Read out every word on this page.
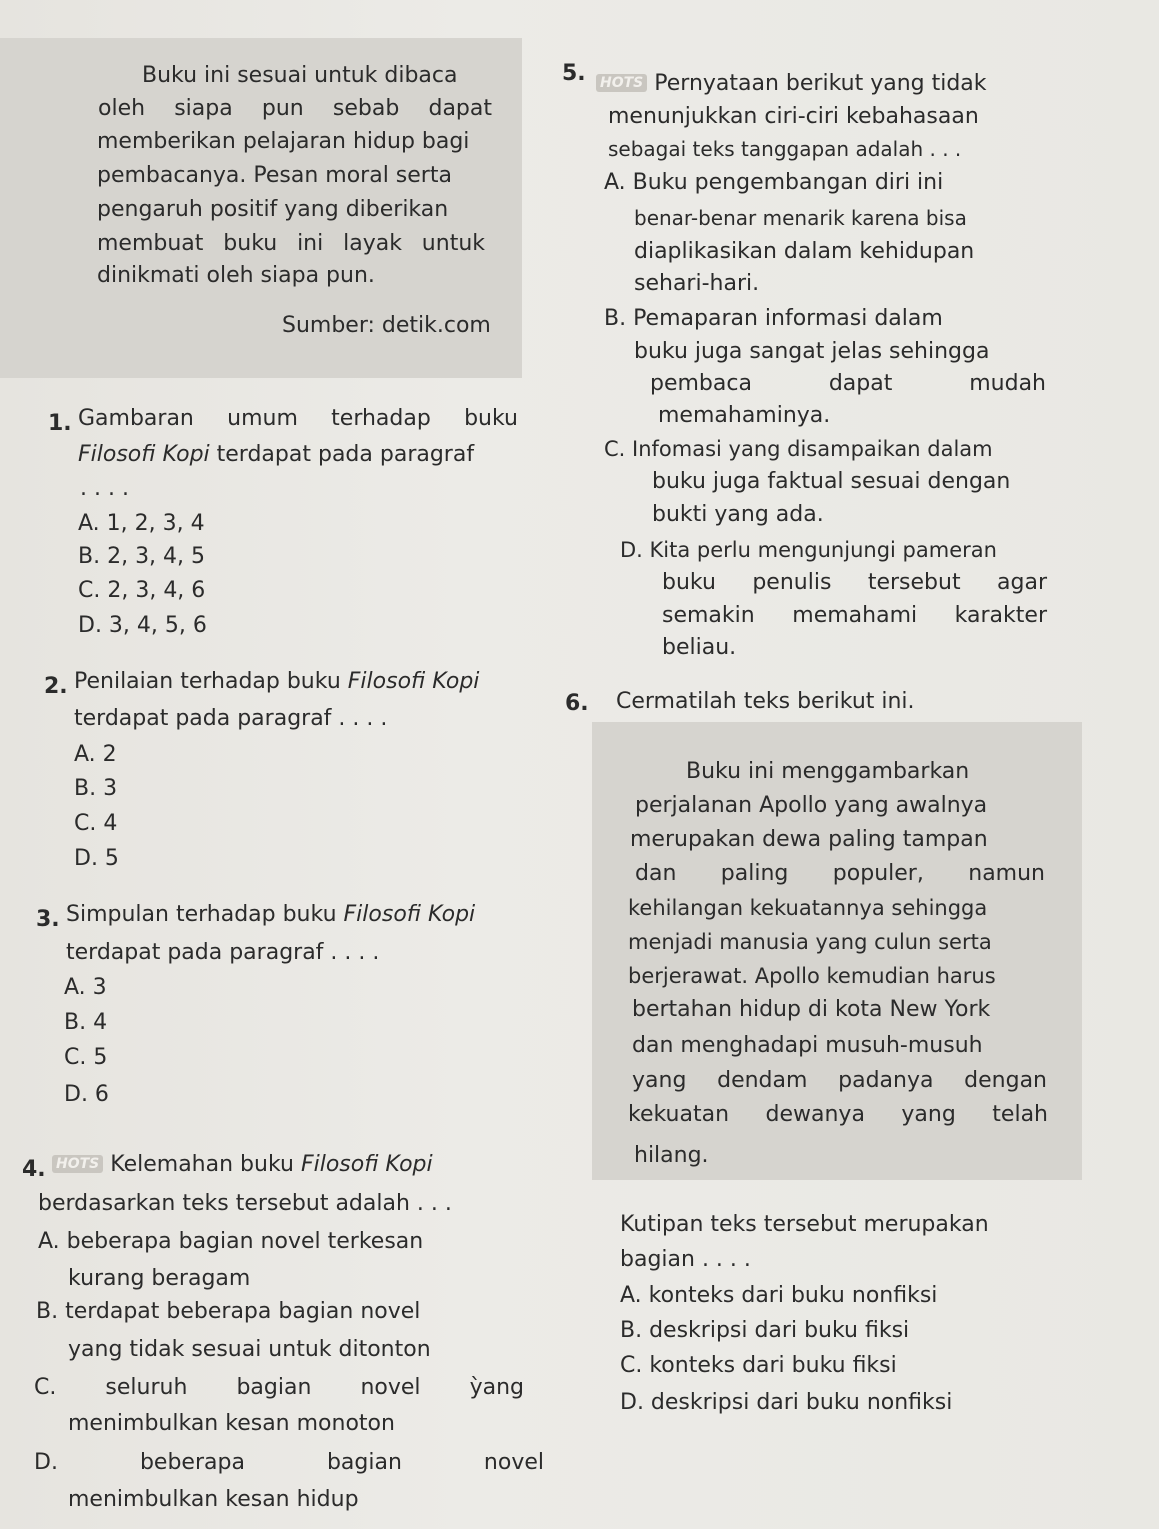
Buku ini sesuai untuk dibaca
oleh siapa pun sebab dapat
memberikan pelajaran hidup bagi
pembacanya. Pesan moral serta
pengaruh positif yang diberikan
membuat buku ini layak untuk
dinikmati oleh siapa pun.
Sumber: detik.com
1. Gambaran umum terhadap buku
Filosofi Kopi terdapat pada paragraf
. . . .
A. 1, 2, 3, 4
B. 2, 3, 4, 5
C. 2, 3, 4, 6
D. 3, 4, 5, 6
2. Penilaian terhadap buku Filosofi Kopi
terdapat pada paragraf . . . .
A. 2
B. 3
C. 4
D. 5
3. Simpulan terhadap buku Filosofi Kopi
terdapat pada paragraf . . . .
A. 3
B. 4
C. 5
D. 6
4. HOTS Kelemahan buku Filosofi Kopi
berdasarkan teks tersebut adalah . . .
A. beberapa bagian novel terkesan
kurang beragam
B. terdapat beberapa bagian novel
yang tidak sesuai untuk ditonton
C. seluruh bagian novel ỳang
menimbulkan kesan monoton
D. beberapa bagian novel
menimbulkan kesan hidup
5. HOTS Pernyataan berikut yang tidak
menunjukkan ciri-ciri kebahasaan
sebagai teks tanggapan adalah . . .
A. Buku pengembangan diri ini
benar-benar menarik karena bisa
diaplikasikan dalam kehidupan
sehari-hari.
B. Pemaparan informasi dalam
buku juga sangat jelas sehingga
pembaca dapat mudah
memahaminya.
C. Infomasi yang disampaikan dalam
buku juga faktual sesuai dengan
bukti yang ada.
D. Kita perlu mengunjungi pameran
buku penulis tersebut agar
semakin memahami karakter
beliau.
6. Cermatilah teks berikut ini.
Buku ini menggambarkan
perjalanan Apollo yang awalnya
merupakan dewa paling tampan
dan paling populer, namun
kehilangan kekuatannya sehingga
menjadi manusia yang culun serta
berjerawat. Apollo kemudian harus
bertahan hidup di kota New York
dan menghadapi musuh-musuh
yang dendam padanya dengan
kekuatan dewanya yang telah
hilang.
Kutipan teks tersebut merupakan
bagian . . . .
A. konteks dari buku nonfiksi
B. deskripsi dari buku fiksi
C. konteks dari buku fiksi
D. deskripsi dari buku nonfiksi
